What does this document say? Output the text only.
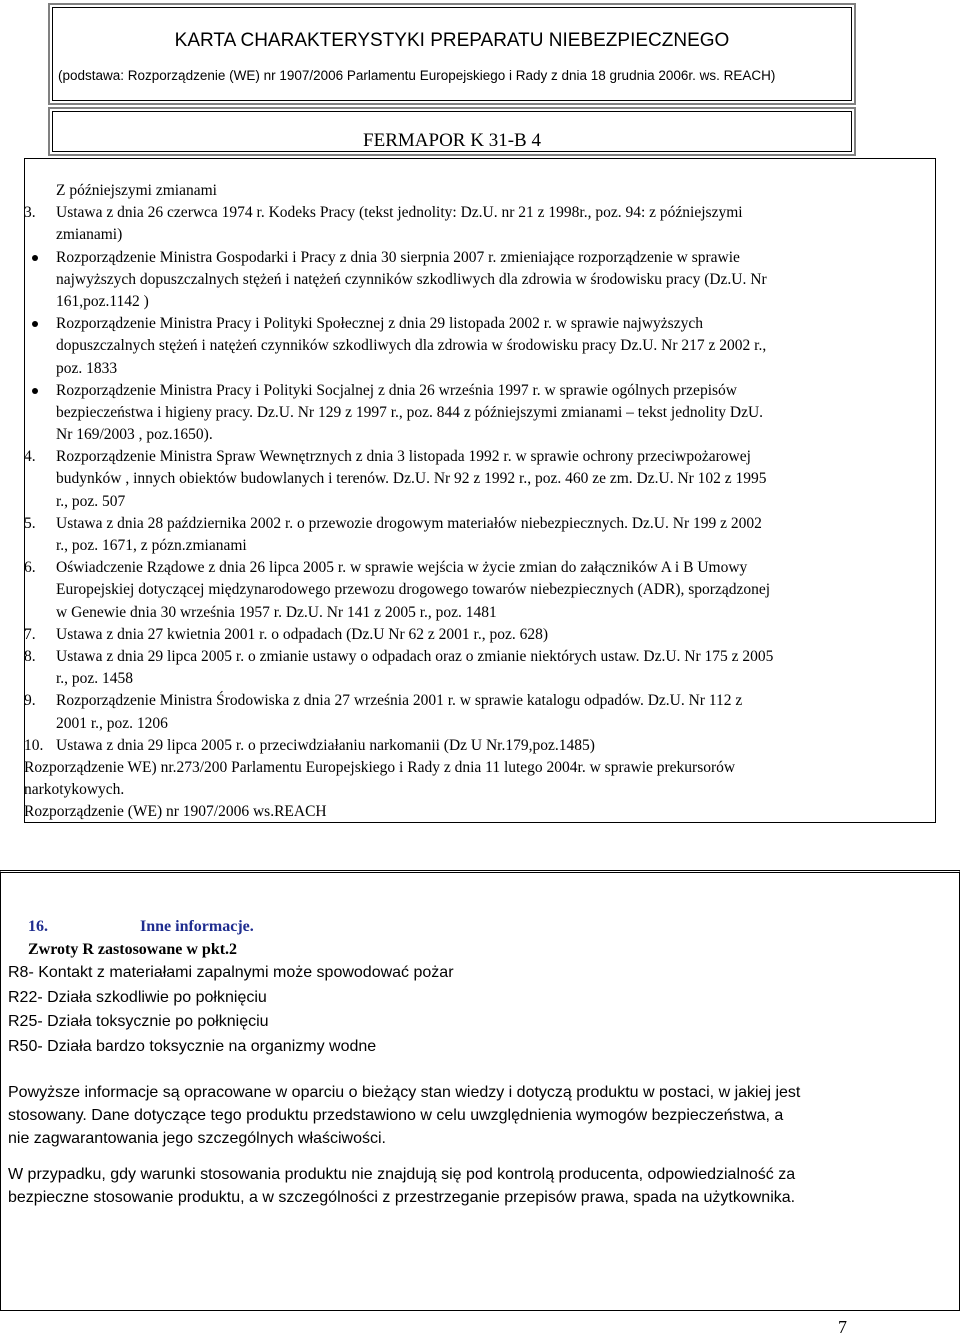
KARTA CHARAKTERYSTYKI PREPARATU NIEBEZPIECZNEGO
(podstawa: Rozporządzenie (WE) nr 1907/2006 Parlamentu Europejskiego i Rady z dnia 18 grudnia 2006r. ws. REACH)
FERMAPOR K 31-B 4
Z późniejszymi zmianami
3. Ustawa z dnia 26 czerwca 1974 r. Kodeks Pracy (tekst jednolity: Dz.U. nr 21 z 1998r., poz. 94: z późniejszymi
zmianami)
Rozporządzenie Ministra Gospodarki i Pracy z dnia 30 sierpnia 2007 r. zmieniające rozporządzenie w sprawie
najwyższych dopuszczalnych stężeń i natężeń czynników szkodliwych dla zdrowia w środowisku pracy (Dz.U. Nr
161,poz.1142 )
Rozporządzenie Ministra Pracy i Polityki Społecznej z dnia 29 listopada 2002 r. w sprawie najwyższych
dopuszczalnych stężeń i natężeń czynników szkodliwych dla zdrowia w środowisku pracy Dz.U. Nr 217 z 2002 r.,
poz. 1833
Rozporządzenie Ministra Pracy i Polityki Socjalnej z dnia 26 września 1997 r. w sprawie ogólnych przepisów
bezpieczeństwa i higieny pracy. Dz.U. Nr 129 z 1997 r., poz. 844 z późniejszymi zmianami – tekst jednolity DzU.
Nr 169/2003 , poz.1650).
4. Rozporządzenie Ministra Spraw Wewnętrznych z dnia 3 listopada 1992 r. w sprawie ochrony przeciwpożarowej
budynków , innych obiektów budowlanych i terenów. Dz.U. Nr 92 z 1992 r., poz. 460 ze zm. Dz.U. Nr 102 z 1995
r., poz. 507
5. Ustawa z dnia 28 października 2002 r. o przewozie drogowym materiałów niebezpiecznych. Dz.U. Nr 199 z 2002
r., poz. 1671, z pózn.zmianami
6. Oświadczenie Rządowe z dnia 26 lipca 2005 r. w sprawie wejścia w życie zmian do załączników A i B Umowy
Europejskiej dotyczącej międzynarodowego przewozu drogowego towarów niebezpiecznych (ADR), sporządzonej
w Genewie dnia 30 września 1957 r. Dz.U. Nr 141 z 2005 r., poz. 1481
7. Ustawa z dnia 27 kwietnia 2001 r. o odpadach (Dz.U Nr 62 z 2001 r., poz. 628)
8. Ustawa z dnia 29 lipca 2005 r. o zmianie ustawy o odpadach oraz o zmianie niektórych ustaw. Dz.U. Nr 175 z 2005
r., poz. 1458
9. Rozporządzenie Ministra Środowiska z dnia 27 września 2001 r. w sprawie katalogu odpadów. Dz.U. Nr 112 z
2001 r., poz. 1206
10. Ustawa z dnia 29 lipca 2005 r. o przeciwdziałaniu narkomanii (Dz U Nr.179,poz.1485)
Rozporządzenie WE) nr.273/200 Parlamentu Europejskiego i Rady z dnia 11 lutego 2004r. w sprawie prekursorów
narkotykowych.
Rozporządzenie (WE) nr 1907/2006 ws.REACH
16.	Inne informacje.
Zwroty R zastosowane w pkt.2
R8- Kontakt z materiałami zapalnymi może spowodować pożar
R22- Działa szkodliwie po połknięciu
R25- Działa toksycznie po połknięciu
R50- Działa bardzo toksycznie na organizmy wodne
Powyższe informacje są opracowane w oparciu o bieżący stan wiedzy i dotyczą produktu w postaci, w jakiej jest
stosowany. Dane dotyczące tego produktu przedstawiono w celu uwzględnienia wymogów bezpieczeństwa, a
nie zagwarantowania jego szczególnych właściwości.
W przypadku, gdy warunki stosowania produktu nie znajdują się pod kontrolą producenta, odpowiedzialność za
bezpieczne stosowanie produktu, a w szczególności z przestrzeganie przepisów prawa, spada na użytkownika.
7
